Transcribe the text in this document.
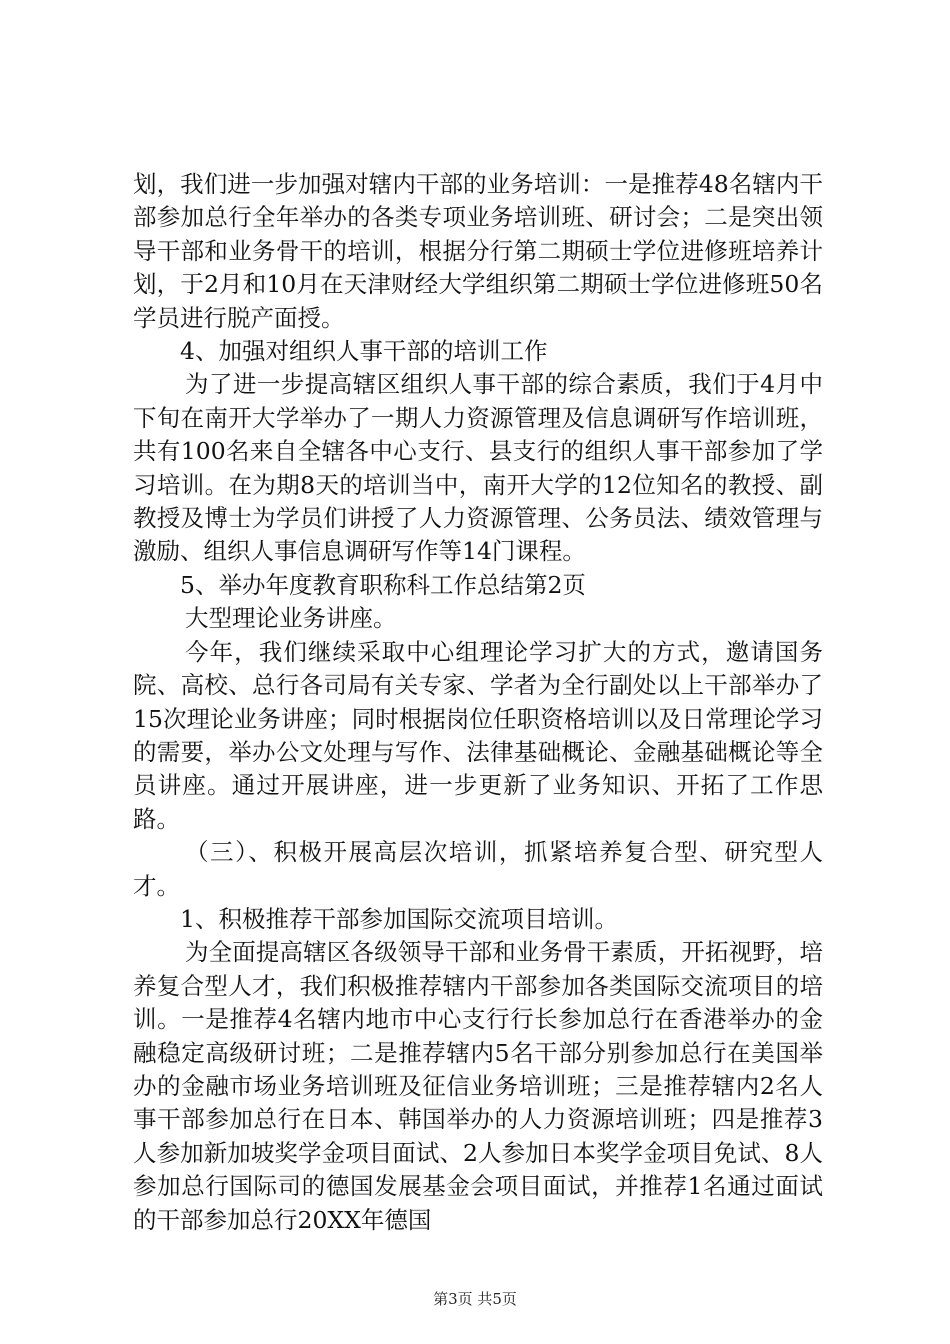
划，我们进一步加强对辖内干部的业务培训：一是推荐48名辖内干部参加总行全年举办的各类专项业务培训班、研讨会；二是突出领导干部和业务骨干的培训，根据分行第二期硕士学位进修班培养计划，于2月和10月在天津财经大学组织第二期硕士学位进修班50名学员进行脱产面授。

4、加强对组织人事干部的培训工作

为了进一步提高辖区组织人事干部的综合素质，我们于4月中下旬在南开大学举办了一期人力资源管理及信息调研写作培训班，共有100名来自全辖各中心支行、县支行的组织人事干部参加了学习培训。在为期8天的培训当中，南开大学的12位知名的教授、副教授及博士为学员们讲授了人力资源管理、公务员法、绩效管理与激励、组织人事信息调研写作等14门课程。

5、举办年度教育职称科工作总结第2页

大型理论业务讲座。

今年，我们继续采取中心组理论学习扩大的方式，邀请国务院、高校、总行各司局有关专家、学者为全行副处以上干部举办了15次理论业务讲座；同时根据岗位任职资格培训以及日常理论学习的需要，举办公文处理与写作、法律基础概论、金融基础概论等全员讲座。通过开展讲座，进一步更新了业务知识、开拓了工作思路。

（三）、积极开展高层次培训，抓紧培养复合型、研究型人才。

1、积极推荐干部参加国际交流项目培训。

为全面提高辖区各级领导干部和业务骨干素质，开拓视野，培养复合型人才，我们积极推荐辖内干部参加各类国际交流项目的培训。一是推荐4名辖内地市中心支行行长参加总行在香港举办的金融稳定高级研讨班；二是推荐辖内5名干部分别参加总行在美国举办的金融市场业务培训班及征信业务培训班；三是推荐辖内2名人事干部参加总行在日本、韩国举办的人力资源培训班；四是推荐3人参加新加坡奖学金项目面试、2人参加日本奖学金项目免试、8人参加总行国际司的德国发展基金会项目面试，并推荐1名通过面试的干部参加总行20XX年德国

第3页 共5页
